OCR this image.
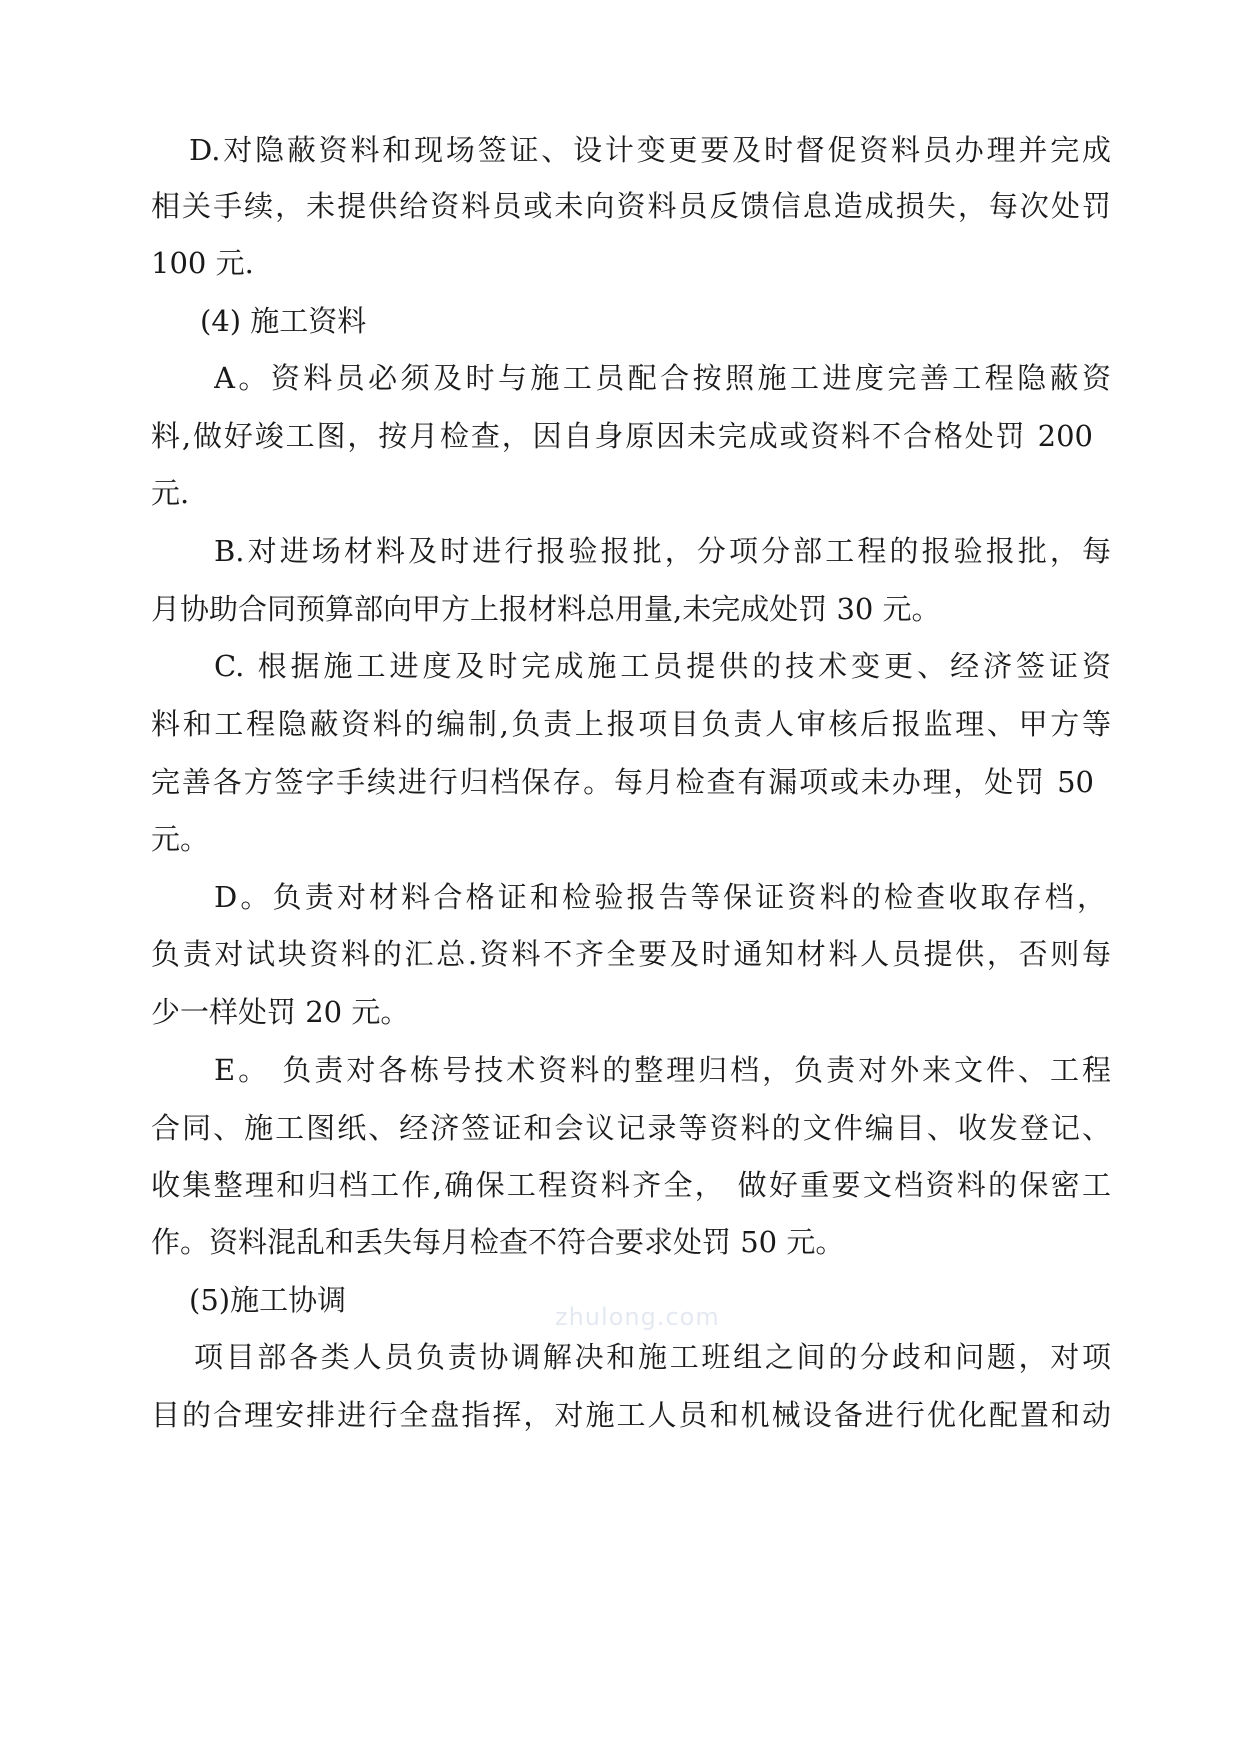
D.对隐蔽资料和现场签证、设计变更要及时督促资料员办理并完成
相关手续，未提供给资料员或未向资料员反馈信息造成损失，每次处罚
100 元.
(4) 施工资料
A。资料员必须及时与施工员配合按照施工进度完善工程隐蔽资
料,做好竣工图，按月检查，因自身原因未完成或资料不合格处罚 200
元.
B.对进场材料及时进行报验报批，分项分部工程的报验报批，每
月协助合同预算部向甲方上报材料总用量,未完成处罚 30 元。
C. 根据施工进度及时完成施工员提供的技术变更、经济签证资
料和工程隐蔽资料的编制,负责上报项目负责人审核后报监理、甲方等
完善各方签字手续进行归档保存。每月检查有漏项或未办理，处罚 50
元。
D。负责对材料合格证和检验报告等保证资料的检查收取存档，
负责对试块资料的汇总.资料不齐全要及时通知材料人员提供，否则每
少一样处罚 20 元。
E。 负责对各栋号技术资料的整理归档，负责对外来文件、工程
合同、施工图纸、经济签证和会议记录等资料的文件编目、收发登记、
收集整理和归档工作,确保工程资料齐全， 做好重要文档资料的保密工
作。资料混乱和丢失每月检查不符合要求处罚 50 元。
(5)施工协调
项目部各类人员负责协调解决和施工班组之间的分歧和问题，对项
目的合理安排进行全盘指挥，对施工人员和机械设备进行优化配置和动
zhulong.com
